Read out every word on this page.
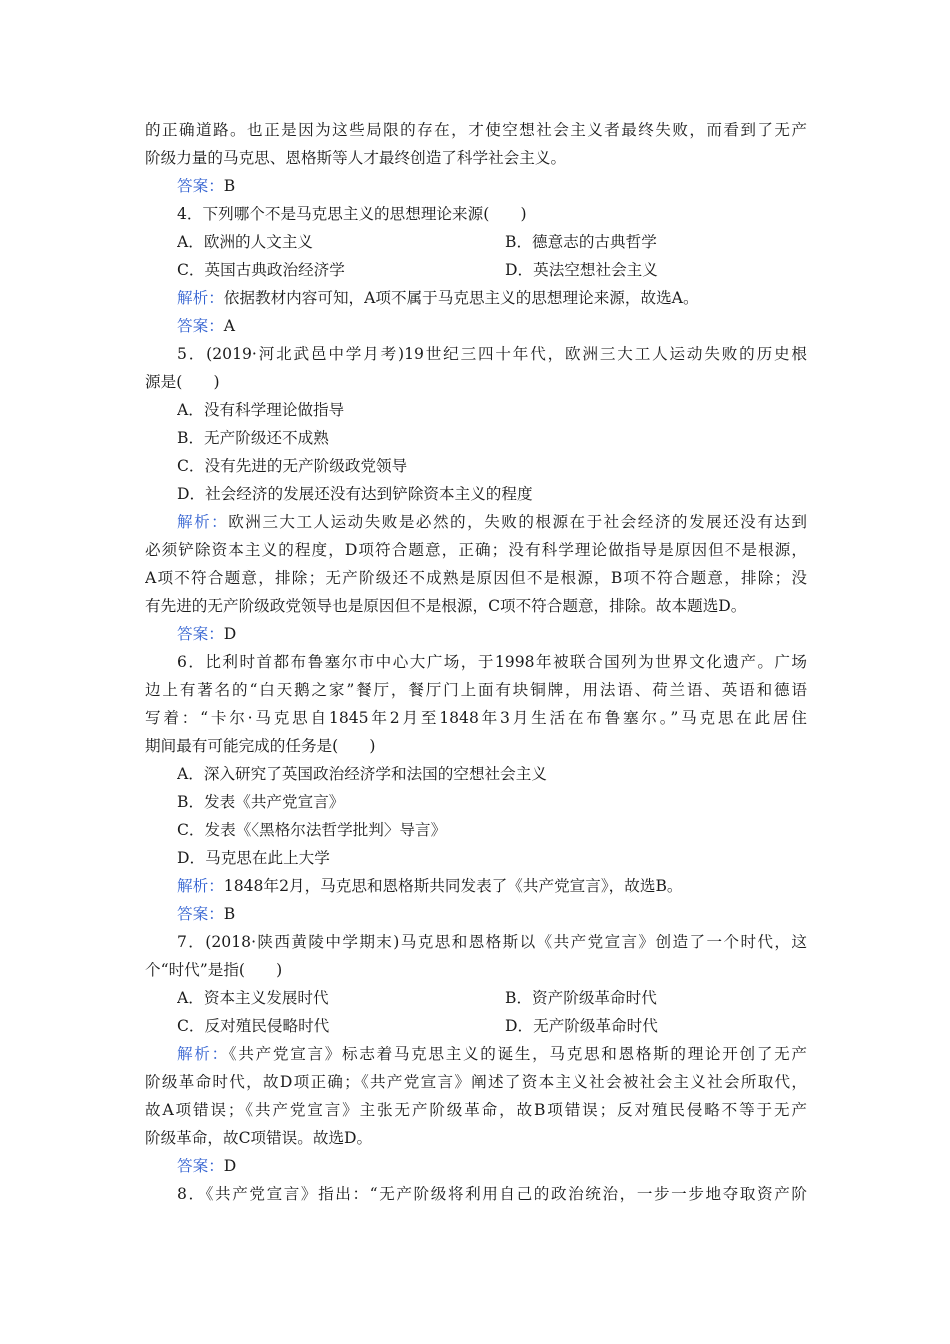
的正确道路。也正是因为这些局限的存在，才使空想社会主义者最终失败，而看到了无产
阶级力量的马克思、恩格斯等人才最终创造了科学社会主义。
答案：B
4．下列哪个不是马克思主义的思想理论来源(　　)
A．欧洲的人文主义	B．德意志的古典哲学
C．英国古典政治经济学	D．英法空想社会主义
解析：依据教材内容可知，A项不属于马克思主义的思想理论来源，故选A。
答案：A
5．(2019·河北武邑中学月考)19世纪三四十年代，欧洲三大工人运动失败的历史根
源是(　　)
A．没有科学理论做指导
B．无产阶级还不成熟
C．没有先进的无产阶级政党领导
D．社会经济的发展还没有达到铲除资本主义的程度
解析：欧洲三大工人运动失败是必然的，失败的根源在于社会经济的发展还没有达到
必须铲除资本主义的程度，D项符合题意，正确；没有科学理论做指导是原因但不是根源，
A项不符合题意，排除；无产阶级还不成熟是原因但不是根源，B项不符合题意，排除；没
有先进的无产阶级政党领导也是原因但不是根源，C项不符合题意，排除。故本题选D。
答案：D
6．比利时首都布鲁塞尔市中心大广场，于1998年被联合国列为世界文化遗产。广场
边上有著名的“白天鹅之家”餐厅，餐厅门上面有块铜牌，用法语、荷兰语、英语和德语
写着：“卡尔·马克思自1845年2月至1848年3月生活在布鲁塞尔。”马克思在此居住
期间最有可能完成的任务是(　　)
A．深入研究了英国政治经济学和法国的空想社会主义
B．发表《共产党宣言》
C．发表《〈黑格尔法哲学批判〉导言》
D．马克思在此上大学
解析：1848年2月，马克思和恩格斯共同发表了《共产党宣言》，故选B。
答案：B
7．(2018·陕西黄陵中学期末)马克思和恩格斯以《共产党宣言》创造了一个时代，这
个“时代”是指(　　)
A．资本主义发展时代	B．资产阶级革命时代
C．反对殖民侵略时代	D．无产阶级革命时代
解析：《共产党宣言》标志着马克思主义的诞生，马克思和恩格斯的理论开创了无产
阶级革命时代，故D项正确；《共产党宣言》阐述了资本主义社会被社会主义社会所取代，
故A项错误；《共产党宣言》主张无产阶级革命，故B项错误；反对殖民侵略不等于无产
阶级革命，故C项错误。故选D。
答案：D
8．《共产党宣言》指出：“无产阶级将利用自己的政治统治，一步一步地夺取资产阶
